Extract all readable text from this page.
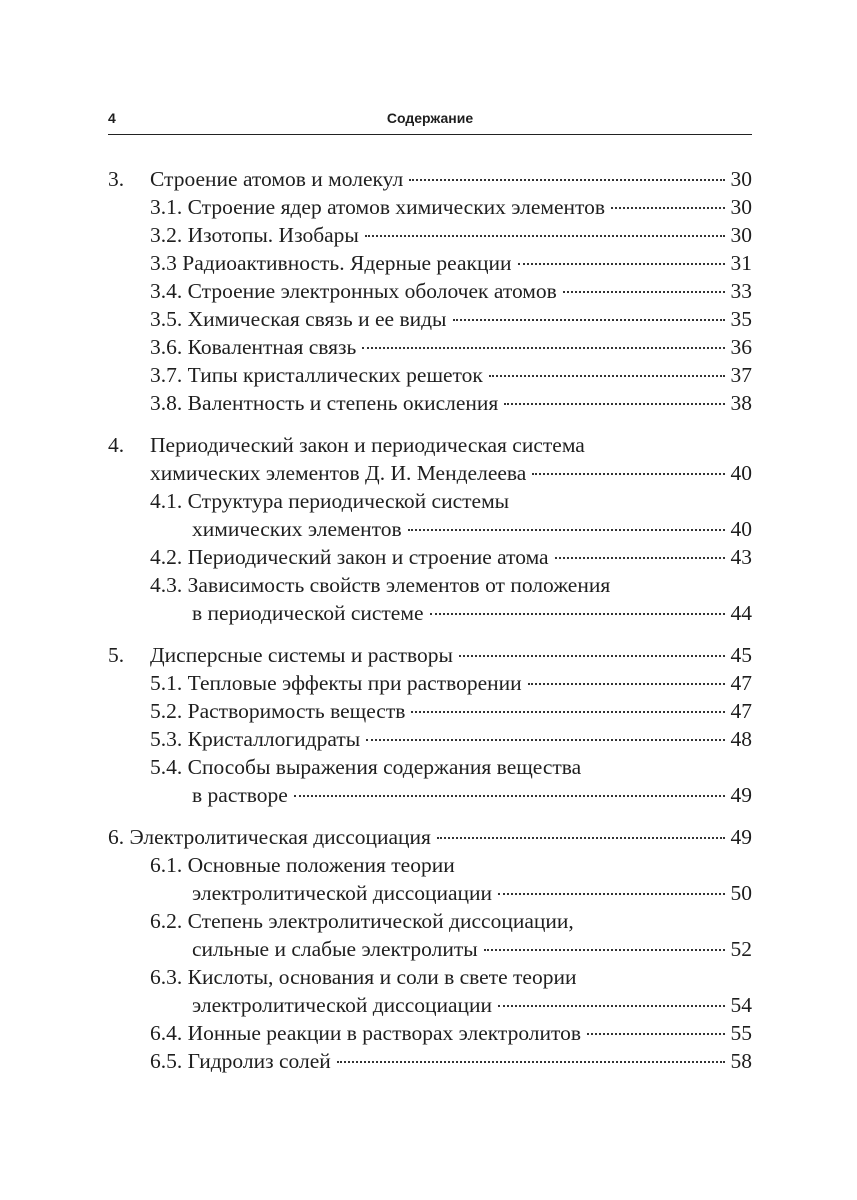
4	Содержание
3. Строение атомов и молекул	30
3.1. Строение ядер атомов химических элементов	30
3.2. Изотопы. Изобары	30
3.3 Радиоактивность. Ядерные реакции	31
3.4. Строение электронных оболочек атомов	33
3.5. Химическая связь и ее виды	35
3.6. Ковалентная связь	36
3.7. Типы кристаллических решеток	37
3.8. Валентность и степень окисления	38
4. Периодический закон и периодическая система
химических элементов Д. И. Менделеева	40
4.1. Структура периодической системы
химических элементов	40
4.2. Периодический закон и строение атома	43
4.3. Зависимость свойств элементов от положения
в периодической системе	44
5. Дисперсные системы и растворы	45
5.1. Тепловые эффекты при растворении	47
5.2. Растворимость веществ	47
5.3. Кристаллогидраты	48
5.4. Способы выражения содержания вещества
в растворе	49
6. Электролитическая диссоциация	49
6.1. Основные положения теории
электролитической диссоциации	50
6.2. Степень электролитической диссоциации,
сильные и слабые электролиты	52
6.3. Кислоты, основания и соли в свете теории
электролитической диссоциации	54
6.4. Ионные реакции в растворах электролитов	55
6.5. Гидролиз солей	58
